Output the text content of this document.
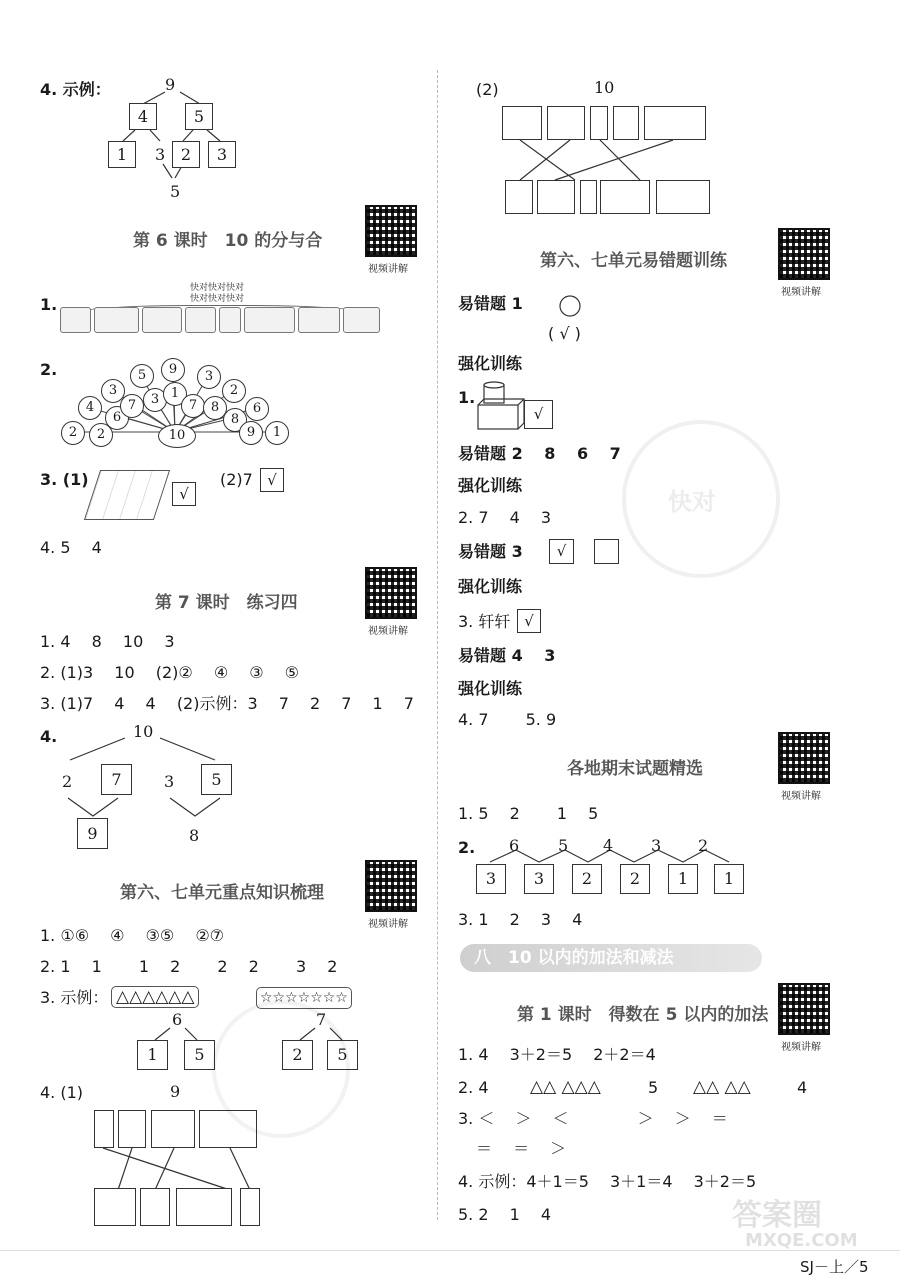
4. 示例：	9
4	5
1	3 2	3
5
第 6 课时　10 的分与合
视频讲解
1.
快对快对快对
快对快对快对
2.
2	2
4
6
3
7
5
3
9
1
3
7
2
8	6
8
9	1
10
3. (1)
√
(2)7 √
4. 5　 4
第 7 课时　练习四
视频讲解
1. 4　 8　 10　 3
2. (1)3　 10　 (2)②　 ④　 ③　 ⑤
3. (1)7　 4　 4　 (2)示例：3　 7　 2　 7　 1　 7
4.	10
2	7	3	5
9	8
第六、七单元重点知识梳理
视频讲解
1. ①⑥　 ④　 ③⑤　 ②⑦
2. 1　 1　　 1　 2　　 2　 2　　 3　 2
3. 示例： △△△△△△	☆☆☆☆☆☆☆
6
1	5
7
2	5
4. (1)	9
(2)	10
第六、七单元易错题训练
视频讲解
易错题 1
( √ )
强化训练
1.
√
易错题 2　 8　 6　 7
强化训练
2. 7　 4　 3
易错题 3	√
强化训练
3. 轩轩 √
易错题 4　 3
强化训练
4. 7　　 5. 9
各地期末试题精选
视频讲解
1. 5　 2　　 1　 5
2. 6 5 4 3 2
3	3	2	2	1	1
3. 1　 2　 3　 4
八　10 以内的加法和减法
第 1 课时　得数在 5 以内的加法
视频讲解
1. 4　 3＋2＝5　 2＋2＝4
2. 4 △△ △△△	5 △△ △△	4
3. ＜　 ＞　 ＜　　　　 ＞　 ＞　 ＝
＝　 ＝　 ＞
4. 示例：4＋1＝5　 3＋1＝4　 3＋2＝5
5. 2　 1　 4
SJ－上／5
快对
答案圈
MXQE.COM
